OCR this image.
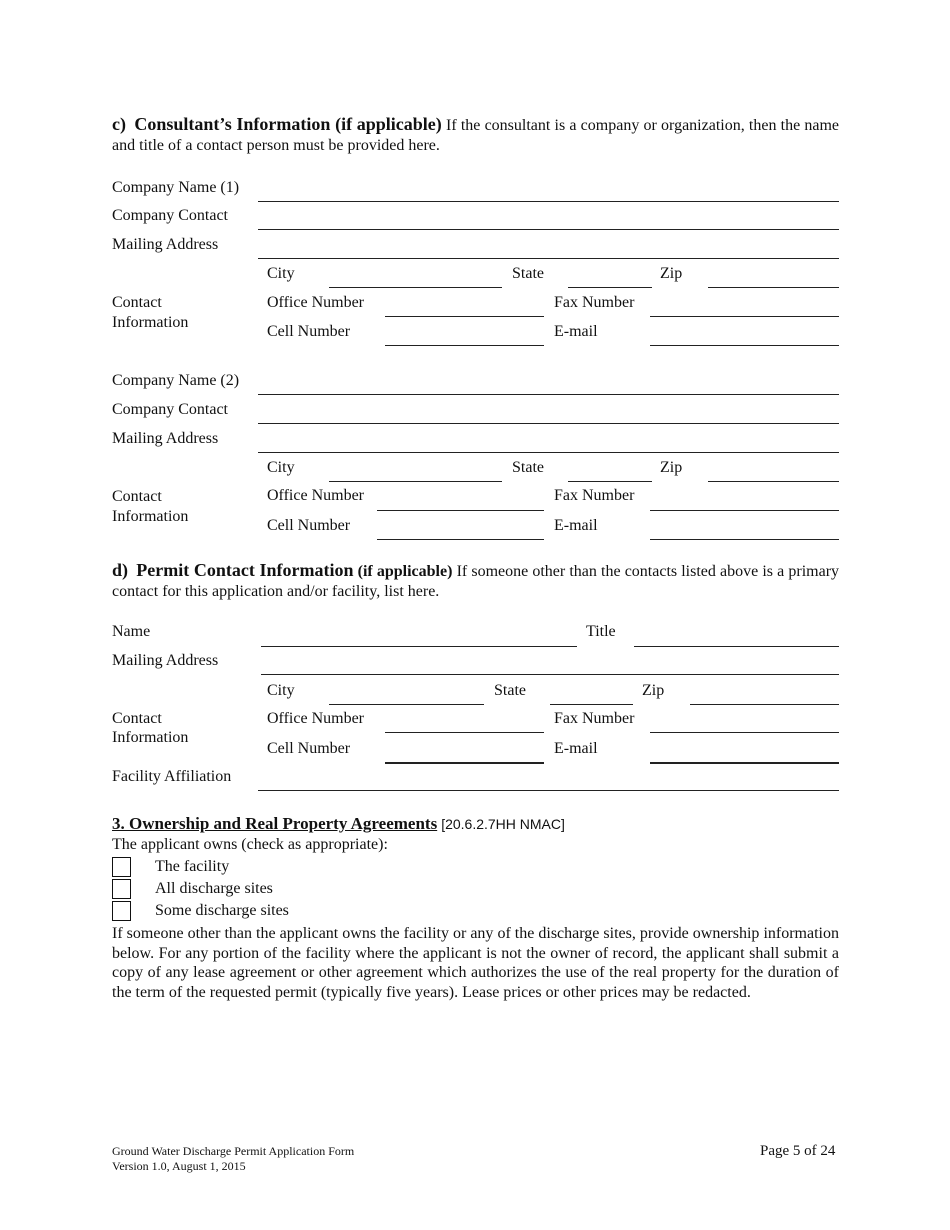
c) Consultant’s Information (if applicable) If the consultant is a company or organization, then the name and title of a contact person must be provided here.
Company Name (1)
Company Contact
Mailing Address
City	State	Zip
Contact
Information
Office Number	Fax Number
Cell Number	E-mail
Company Name (2)
Company Contact
Mailing Address
City	State	Zip
Contact
Information
Office Number	Fax Number
Cell Number	E-mail
d) Permit Contact Information (if applicable) If someone other than the contacts listed above is a primary contact for this application and/or facility, list here.
Name	Title
Mailing Address
City	State	Zip
Contact
Information
Office Number	Fax Number
Cell Number	E-mail
Facility Affiliation
3. Ownership and Real Property Agreements [20.6.2.7HH NMAC]
The applicant owns (check as appropriate):
The facility
All discharge sites
Some discharge sites
If someone other than the applicant owns the facility or any of the discharge sites, provide ownership information below. For any portion of the facility where the applicant is not the owner of record, the applicant shall submit a copy of any lease agreement or other agreement which authorizes the use of the real property for the duration of the term of the requested permit (typically five years). Lease prices or other prices may be redacted.
Ground Water Discharge Permit Application Form
Version 1.0, August 1, 2015
Page 5 of 24
